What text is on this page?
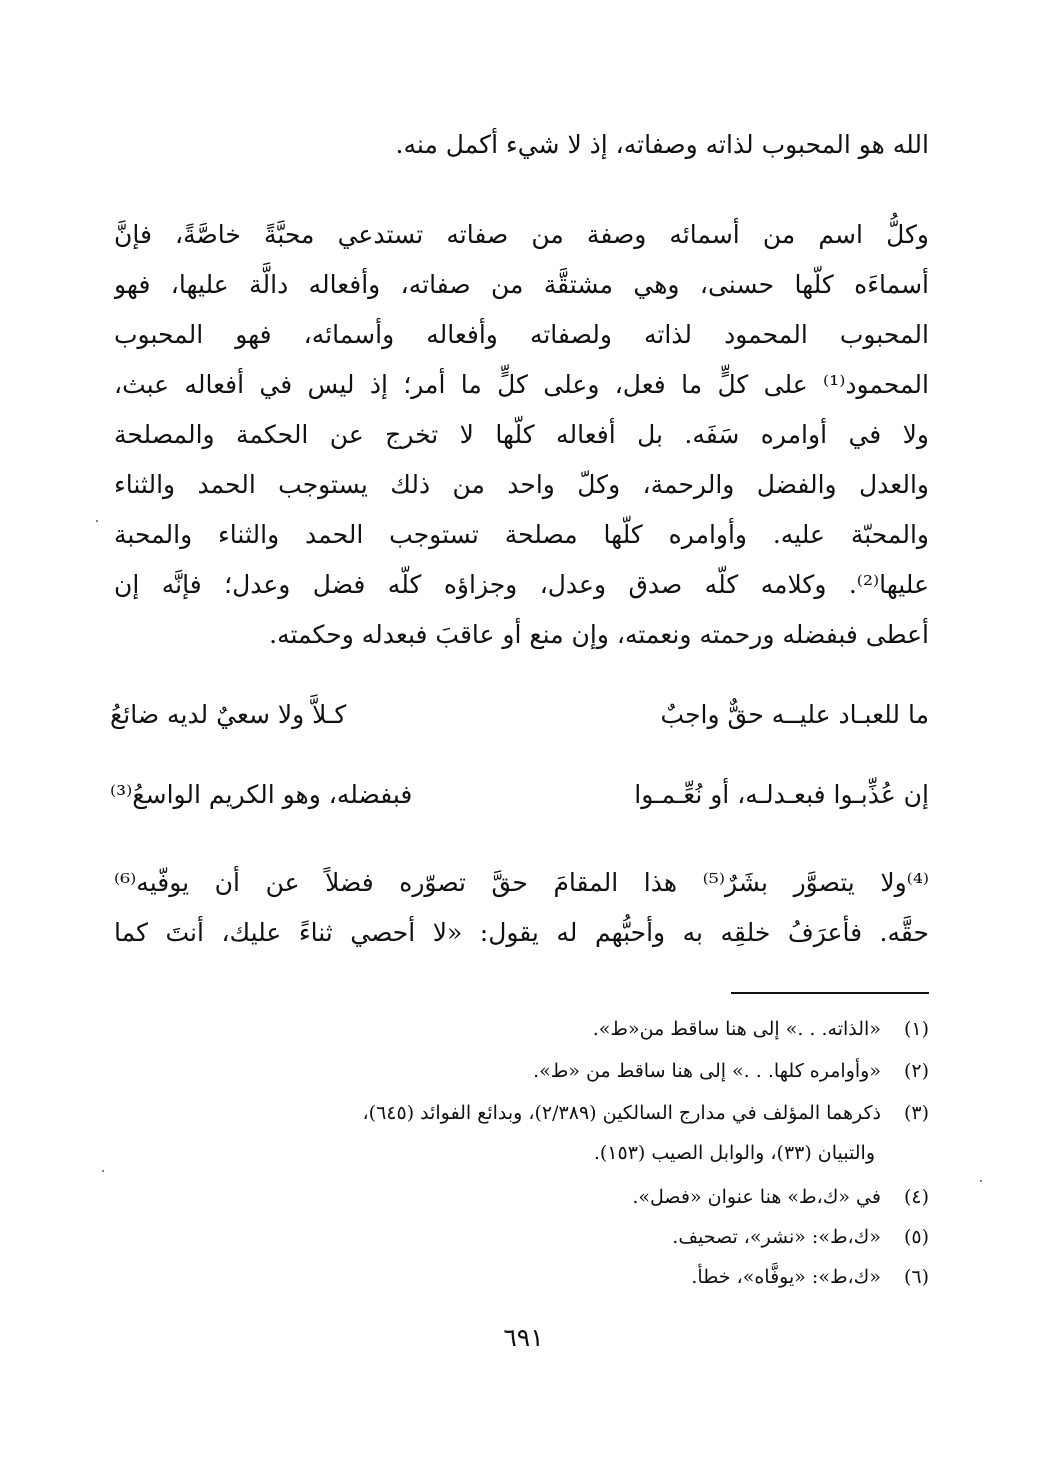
الله هو المحبوب لذاته وصفاته، إذ لا شيء أكمل منه.
وكلُّ اسم من أسمائه وصفة من صفاته تستدعي محبَّةً خاصَّةً، فإنَّ
أسماءَه كلّها حسنى، وهي مشتقَّة من صفاته، وأفعاله دالَّة عليها، فهو
المحبوب المحمود لذاته ولصفاته وأفعاله وأسمائه، فهو المحبوب
المحمود⁽¹⁾ على كلٍّ ما فعل، وعلى كلٍّ ما أمر؛ إذ ليس في أفعاله عبث،
ولا في أوامره سَفَه. بل أفعاله كلّها لا تخرج عن الحكمة والمصلحة
والعدل والفضل والرحمة، وكلّ واحد من ذلك يستوجب الحمد والثناء
والمحبّة عليه. وأوامره كلّها مصلحة تستوجب الحمد والثناء والمحبة
عليها⁽²⁾. وكلامه كلّه صدق وعدل، وجزاؤه كلّه فضل وعدل؛ فإنَّه إن
أعطى فبفضله ورحمته ونعمته، وإن منع أو عاقبَ فبعدله وحكمته.
ما للعبـاد عليــه حقٌّ واجبٌ
كـلاَّ ولا سعيٌ لديه ضائعُ
إن عُذِّبـوا فبعـدلـه، أو نُعِّـمـوا
فبفضله، وهو الكريم الواسعُ⁽³⁾
⁽⁴⁾ولا يتصوَّر بشَرٌ⁽⁵⁾ هذا المقامَ حقَّ تصوّره فضلاً عن أن يوفّيه⁽⁶⁾
حقَّه. فأعرَفُ خلقِه به وأحبُّهم له يقول: «لا أحصي ثناءً عليك، أنتَ كما
(١) «الذاته. . .» إلى هنا ساقط من«ط».
(٢) «وأوامره كلها. . .» إلى هنا ساقط من «ط».
(٣) ذكرهما المؤلف في مدارج السالكين (٢/٣٨٩)، وبدائع الفوائد (٦٤٥)،
والتبيان (٣٣)، والوابل الصيب (١٥٣).
(٤) في «ك،ط» هنا عنوان «فصل».
(٥) «ك،ط»: «نشر»، تصحيف.
(٦) «ك،ط»: «يوفَّاه»، خطأ.
٦٩١
